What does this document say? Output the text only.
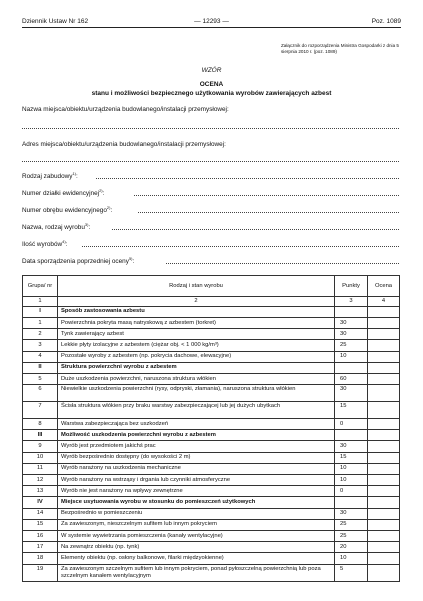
Dziennik Ustaw Nr 162	— 12293 —	Poz. 1089
Załącznik do rozporządzenia Ministra Gospodarki z dnia 5 sierpnia 2010 r. (poz. 1089)
WZÓR
OCENA
stanu i możliwości bezpiecznego użytkowania wyrobów zawierających azbest
Nazwa miejsca/obiektu/urządzenia budowlanego/instalacji przemysłowej:
Adres miejsca/obiektu/urządzenia budowlanego/instalacji przemysłowej:
Rodzaj zabudowy$^{1)}$:
Numer działki ewidencyjnej$^{2)}$:
Numer obrębu ewidencyjnego$^{2)}$:
Nazwa, rodzaj wyrobu$^{3)}$:
Ilość wyrobów$^{4)}$:
Data sporządzenia poprzedniej oceny$^{5)}$:
Grupa/ nr	Rodzaj i stan wyrobu	Punkty	Ocena
1	2	3	4
I	Sposób zastosowania azbestu		
1	Powierzchnia pokryta masą natryskową z azbestem (torkret)	30	
2	Tynk zawierający azbest	30	
3	Lekkie płyty izolacyjne z azbestem (ciężar obj. < 1 000 kg/m³)	25	
4	Pozostałe wyroby z azbestem (np. pokrycia dachowe, elewacyjne)	10	
II	Struktura powierzchni wyrobu z azbestem		
5	Duże uszkodzenia powierzchni, naruszona struktura włókien	60	
6	Niewielkie uszkodzenia powierzchni (rysy, odpryski, złamania), naruszona struktura włókien	30	
7	Ścisła struktura włókien przy braku warstwy zabezpieczającej lub jej dużych ubytkach	15	
8	Warstwa zabezpieczająca bez uszkodzeń	0	
III	Możliwość uszkodzenia powierzchni wyrobu z azbestem		
9	Wyrób jest przedmiotem jakichś prac	30	
10	Wyrób bezpośrednio dostępny (do wysokości 2 m)	15	
11	Wyrób narażony na uszkodzenia mechaniczne	10	
12	Wyrób narażony na wstrząsy i drgania lub czynniki atmosferyczne	10	
13	Wyrób nie jest narażony na wpływy zewnętrzne	0	
IV	Miejsce usytuowania wyrobu w stosunku do pomieszczeń użytkowych		
14	Bezpośrednio w pomieszczeniu	30	
15	Za zawieszonym, nieszczelnym sufitem lub innym pokryciem	25	
16	W systemie wywietrzania pomieszczenia (kanały wentylacyjne)	25	
17	Na zewnątrz obiektu (np. tynk)	20	
18	Elementy obiektu (np. osłony balkonowe, filarki międzyokienne)	10	
19	Za zawieszonym szczelnym sufitem lub innym pokryciem, ponad pyłoszczelną powierzchnią lub poza szczelnym kanałem wentylacyjnym	5	
